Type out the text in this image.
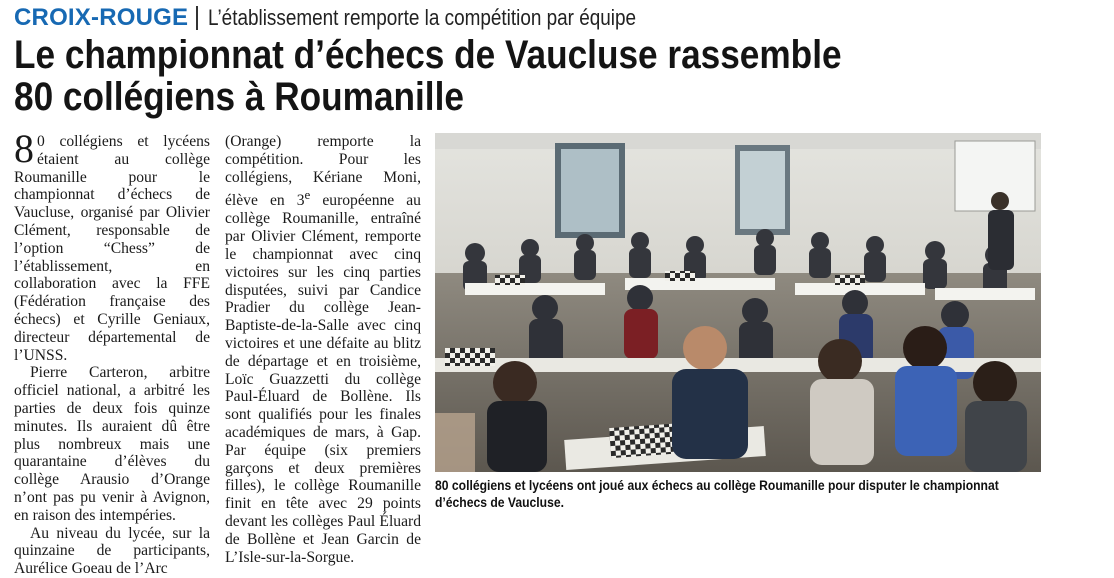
CROIX-ROUGE L’établissement remporte la compétition par équipe
Le championnat d’échecs de Vaucluse rassemble
80 collégiens à Roumanille

8 0 collégiens et lycéens étaient au collège Roumanille pour le championnat d’échecs de Vaucluse, organisé par Olivier Clément, responsable de l’option “Chess” de l’établissement, en collaboration avec la FFE (Fédération française des échecs) et Cyrille Geniaux, directeur départemental de l’UNSS.

Pierre Carteron, arbitre officiel national, a arbitré les parties de deux fois quinze minutes. Ils auraient dû être plus nombreux mais une quarantaine d’élèves du collège Arausio d’Orange n’ont pas pu venir à Avignon, en raison des intempéries.

Au niveau du lycée, sur la quinzaine de participants, Aurélice Goeau de l’Arc

(Orange) remporte la compétition. Pour les collégiens, Kériane Moni, élève en 3e européenne au collège Roumanille, entraîné par Olivier Clément, remporte le championnat avec cinq victoires sur les cinq parties disputées, suivi par Candice Pradier du collège Jean-Baptiste-de-la-Salle avec cinq victoires et une défaite au blitz de départage et en troisième, Loïc Guazzetti du collège Paul-Éluard de Bollène. Ils sont qualifiés pour les finales académiques de mars, à Gap. Par équipe (six premiers garçons et deux premières filles), le collège Roumanille finit en tête avec 29 points devant les collèges Paul Éluard de Bollène et Jean Garcin de L’Isle-sur-la-Sorgue.

80 collégiens et lycéens ont joué aux échecs au collège Roumanille pour disputer le championnat d’échecs de Vaucluse.
